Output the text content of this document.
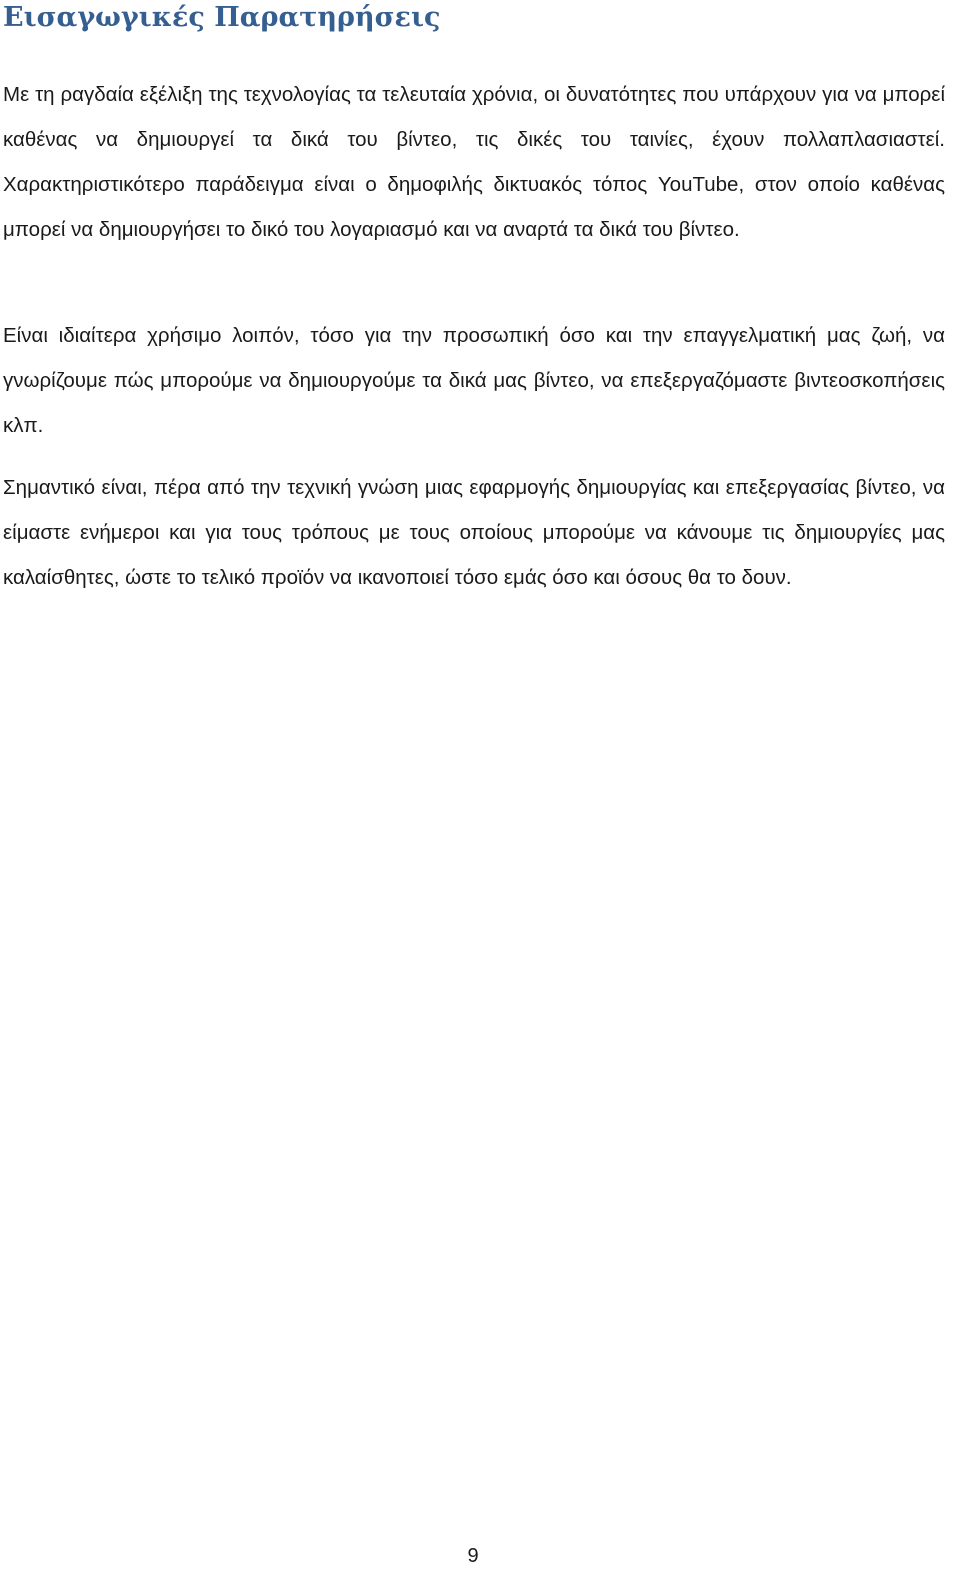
Εισαγωγικές Παρατηρήσεις

Με τη ραγδαία εξέλιξη της τεχνολογίας τα τελευταία χρόνια, οι δυνατότητες που υπάρχουν για να μπορεί καθένας να δημιουργεί τα δικά του βίντεο, τις δικές του ταινίες, έχουν πολλαπλασιαστεί. Χαρακτηριστικότερο παράδειγμα είναι ο δημοφιλής δικτυακός τόπος YouTube, στον οποίο καθένας μπορεί να δημιουργήσει το δικό του λογαριασμό και να αναρτά τα δικά του βίντεο.

Είναι ιδιαίτερα χρήσιμο λοιπόν, τόσο για την προσωπική όσο και την επαγγελματική μας ζωή, να γνωρίζουμε πώς μπορούμε να δημιουργούμε τα δικά μας βίντεο, να επεξεργαζόμαστε βιντεοσκοπήσεις κλπ.

Σημαντικό είναι, πέρα από την τεχνική γνώση μιας εφαρμογής δημιουργίας και επεξεργασίας βίντεο, να είμαστε ενήμεροι και για τους τρόπους με τους οποίους μπορούμε να κάνουμε τις δημιουργίες μας καλαίσθητες, ώστε το τελικό προϊόν να ικανοποιεί τόσο εμάς όσο και όσους θα το δουν.

9
